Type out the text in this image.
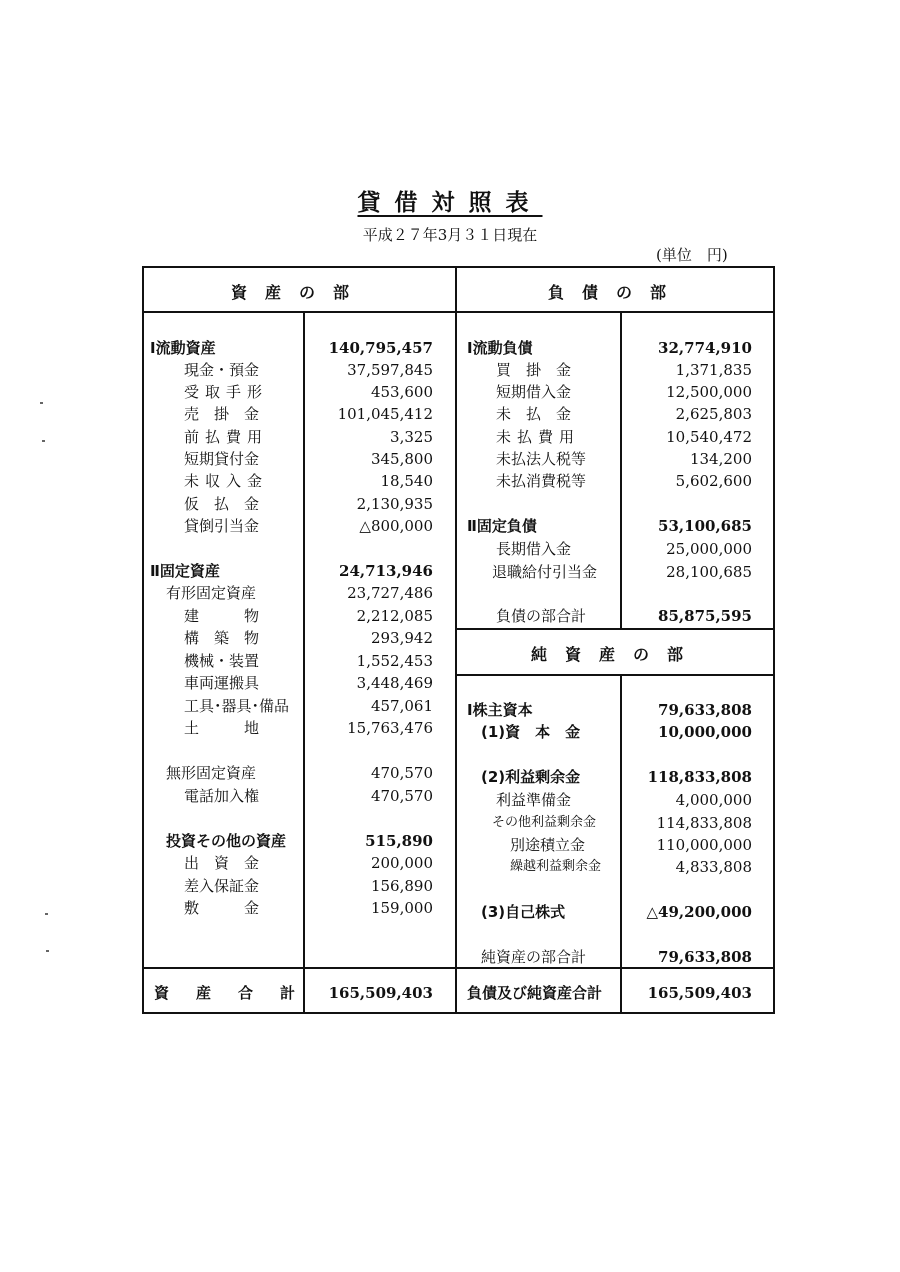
貸借対照表
平成２７年3月３１日現在
(単位　円)
資産の部	負債の部
純資産の部
Ⅰ流動資産	140,795,457
現金・預金	37,597,845
受取手形	453,600
売　掛　金	101,045,412
前払費用	3,325
短期貸付金	345,800
未収入金	18,540
仮　払　金	2,130,935
貸倒引当金	△800,000
Ⅱ固定資産	24,713,946
有形固定資産	23,727,486
建　　　物	2,212,085
構　築　物	293,942
機械・装置	1,552,453
車両運搬具	3,448,469
工具･器具･備品	457,061
土　　　地	15,763,476
無形固定資産	470,570
電話加入権	470,570
投資その他の資産	515,890
出　資　金	200,000
差入保証金	156,890
敷　　　金	159,000
Ⅰ流動負債	32,774,910
買　掛　金	1,371,835
短期借入金	12,500,000
未　払　金	2,625,803
未払費用	10,540,472
未払法人税等	134,200
未払消費税等	5,602,600
Ⅱ固定負債	53,100,685
長期借入金	25,000,000
退職給付引当金	28,100,685
負債の部合計	85,875,595
Ⅰ株主資本	79,633,808
(1)資　本　金	10,000,000
(2)利益剰余金	118,833,808
利益準備金	4,000,000
その他利益剰余金	114,833,808
別途積立金	110,000,000
繰越利益剰余金	4,833,808
(3)自己株式	△49,200,000
純資産の部合計	79,633,808
資　産　合　計	165,509,403 負債及び純資産合計	165,509,403
